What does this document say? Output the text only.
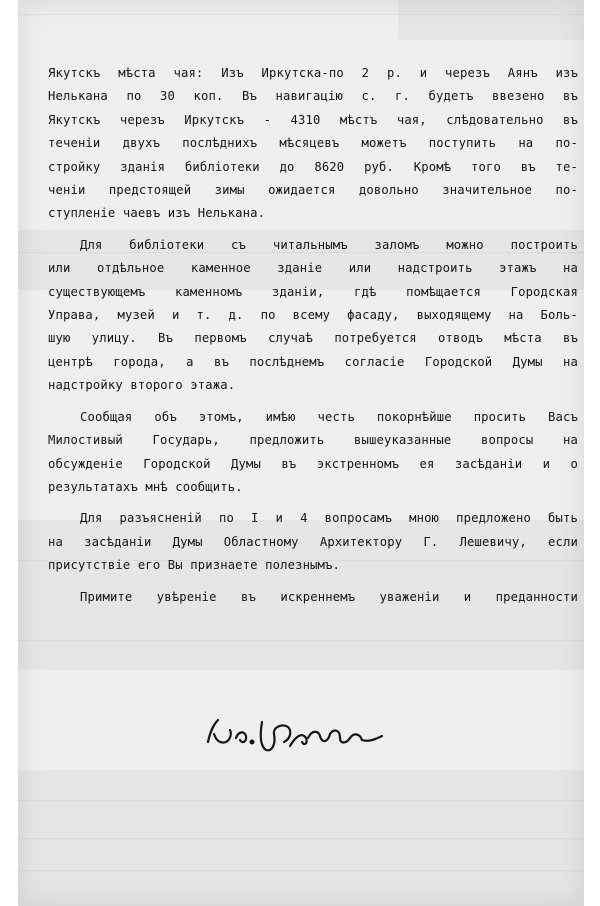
Якутскъ мѣста чая: Изъ Иркутска-по 2 р. и черезъ Аянъ изъ
Нелькана по 30 коп. Въ навигацію с. г. будетъ ввезено въ
Якутскъ черезъ Иркутскъ - 4310 мѣстъ чая, слѣдовательно въ
теченіи двухъ послѣднихъ мѣсяцевъ можетъ поступить на по-
стройку зданія библіотеки до 8620 руб. Кромѣ того въ те-
ченіи предстоящей зимы ожидается довольно значительное по-
ступленіе чаевъ изъ Нелькана.
Для библіотеки съ читальнымъ заломъ можно построить
или отдѣльное каменное зданіе или надстроить этажъ на
существующемъ каменномъ зданіи, гдѣ помѣщается Городская
Управа, музей и т. д. по всему фасаду, выходящему на Боль-
шую улицу. Въ первомъ случаѣ потребуется отводъ мѣста въ
центрѣ города, а въ послѣднемъ согласіе Городской Думы на
надстройку второго этажа.
Сообщая объ этомъ, имѣю честь покорнѣйше просить Васъ
Милостивый Государь, предложить вышеуказанные вопросы на
обсужденіе Городской Думы въ экстренномъ ея засѣданіи и о
результатахъ мнѣ сообщить.
Для разъясненій по I и 4 вопросамъ мною предложено быть
на засѣданіи Думы Областному Архитектору Г. Лешевичу, если
присутствіе его Вы признаете полезнымъ.
Примите увѣреніе въ искреннемъ уваженіи и преданности
